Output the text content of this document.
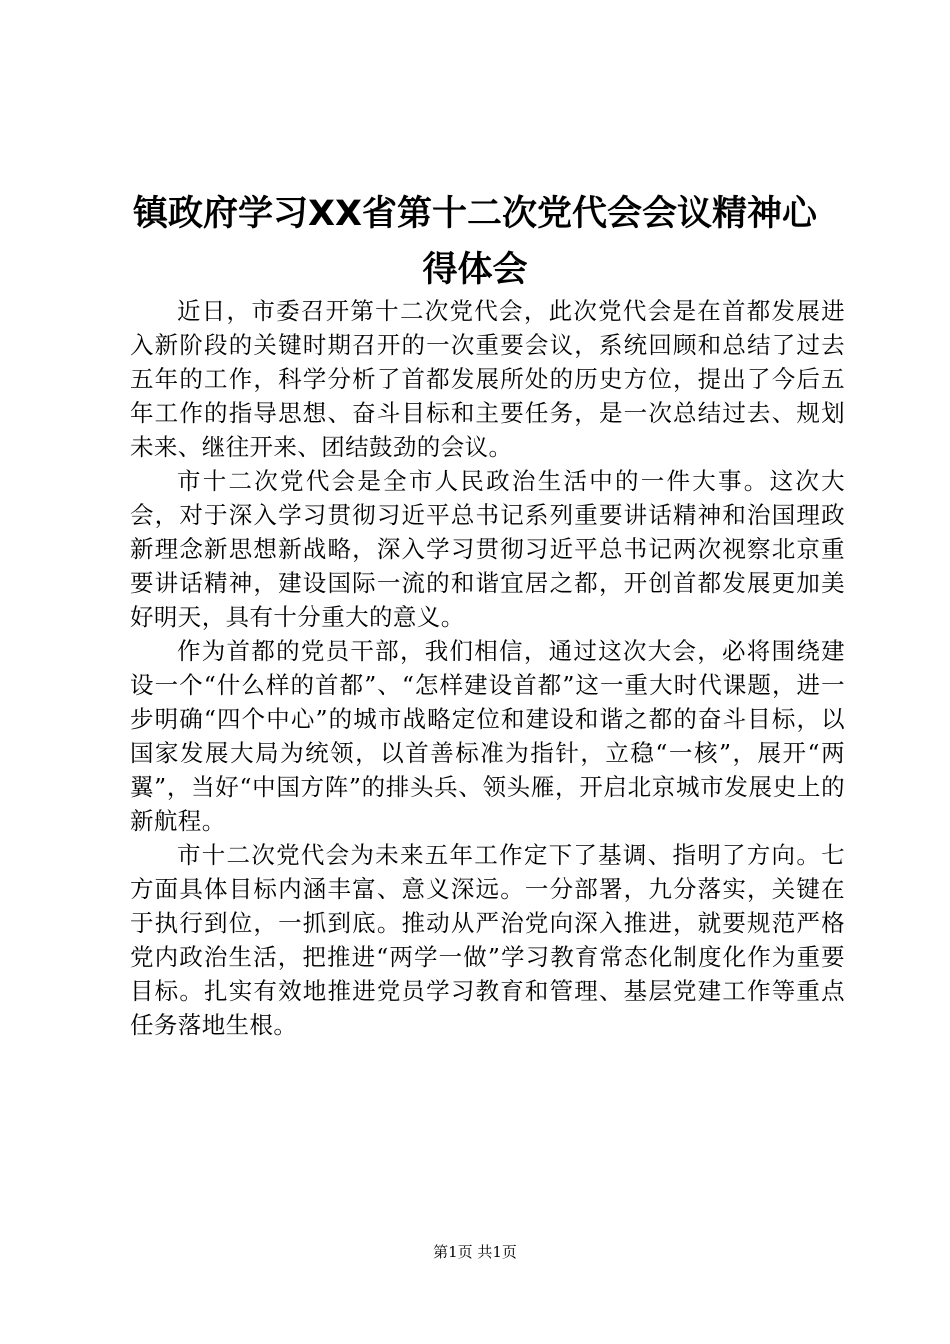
镇政府学习XX省第十二次党代会会议精神心
得体会

近日，市委召开第十二次党代会，此次党代会是在首都发展进入新阶段的关键时期召开的一次重要会议，系统回顾和总结了过去五年的工作，科学分析了首都发展所处的历史方位，提出了今后五年工作的指导思想、奋斗目标和主要任务，是一次总结过去、规划未来、继往开来、团结鼓劲的会议。

市十二次党代会是全市人民政治生活中的一件大事。这次大会，对于深入学习贯彻习近平总书记系列重要讲话精神和治国理政新理念新思想新战略，深入学习贯彻习近平总书记两次视察北京重要讲话精神，建设国际一流的和谐宜居之都，开创首都发展更加美好明天，具有十分重大的意义。

作为首都的党员干部，我们相信，通过这次大会，必将围绕建设一个“什么样的首都”、“怎样建设首都”这一重大时代课题，进一步明确“四个中心”的城市战略定位和建设和谐之都的奋斗目标，以国家发展大局为统领，以首善标准为指针，立稳“一核”，展开“两翼”，当好“中国方阵”的排头兵、领头雁，开启北京城市发展史上的新航程。

市十二次党代会为未来五年工作定下了基调、指明了方向。七方面具体目标内涵丰富、意义深远。一分部署，九分落实，关键在于执行到位，一抓到底。推动从严治党向深入推进，就要规范严格党内政治生活，把推进“两学一做”学习教育常态化制度化作为重要目标。扎实有效地推进党员学习教育和管理、基层党建工作等重点任务落地生根。

第1页 共1页
